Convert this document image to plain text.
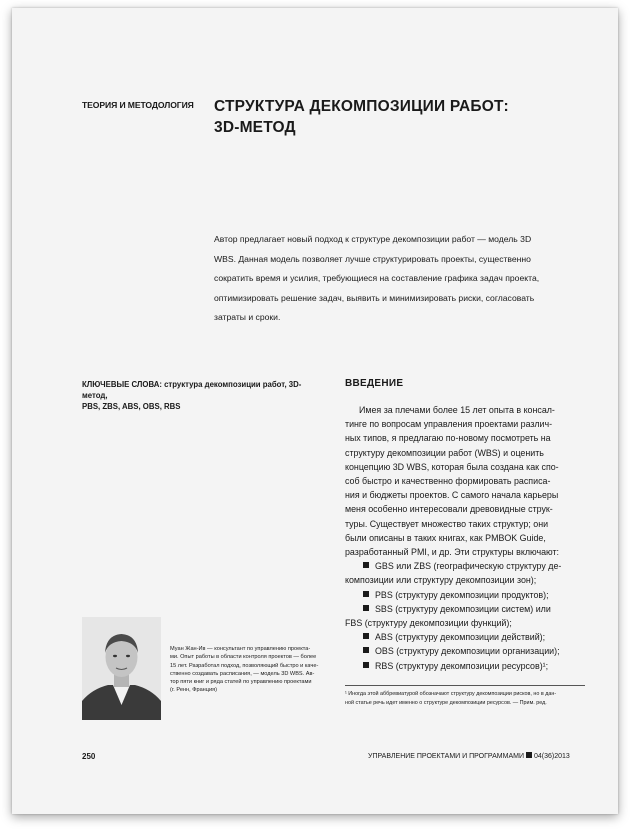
ТЕОРИЯ И МЕТОДОЛОГИЯ	СТРУКТУРА ДЕКОМПОЗИЦИИ РАБОТ:
3D-МЕТОД
Автор предлагает новый подход к структуре декомпозиции работ — модель 3D
WBS. Данная модель позволяет лучше структурировать проекты, существенно
сократить время и усилия, требующиеся на составление графика задач проекта,
оптимизировать решение задач, выявить и минимизировать риски, согласовать
затраты и сроки.
КЛЮЧЕВЫЕ СЛОВА: структура декомпозиции работ, 3D-метод,
PBS, ZBS, ABS, OBS, RBS
ВВЕДЕНИЕ
Имея за плечами более 15 лет опыта в консал-
тинге по вопросам управления проектами различ-
ных типов, я предлагаю по-новому посмотреть на
структуру декомпозиции работ (WBS) и оценить
концепцию 3D WBS, которая была создана как спо-
соб быстро и качественно формировать расписа-
ния и бюджеты проектов. С самого начала карьеры
меня особенно интересовали древовидные струк-
туры. Существует множество таких структур; они
были описаны в таких книгах, как PMBOK Guide,
разработанный PMI, и др. Эти структуры включают:
GBS или ZBS (географическую структуру де-
композиции или структуру декомпозиции зон);
PBS (структуру декомпозиции продуктов);
SBS (структуру декомпозиции систем) или
FBS (структуру декомпозиции функций);
ABS (структуру декомпозиции действий);
OBS (структуру декомпозиции организации);
RBS (структуру декомпозиции ресурсов)¹;
Муан Жан-Ив — консультант по управлению проекта-
ми. Опыт работы в области контроля проектов — более
15 лет. Разработал подход, позволяющий быстро и каче-
ственно создавать расписания, — модель 3D WBS. Ав-
тор пяти книг и ряда статей по управлению проектами
(г. Ренн, Франция)
¹ Иногда этой аббревиатурой обозначают структуру декомпозиции рисков, но в дан-
ной статье речь идет именно о структуре декомпозиции ресурсов. — Прим. ред.
250	УПРАВЛЕНИЕ ПРОЕКТАМИ И ПРОГРАММАМИ 04(36)2013
